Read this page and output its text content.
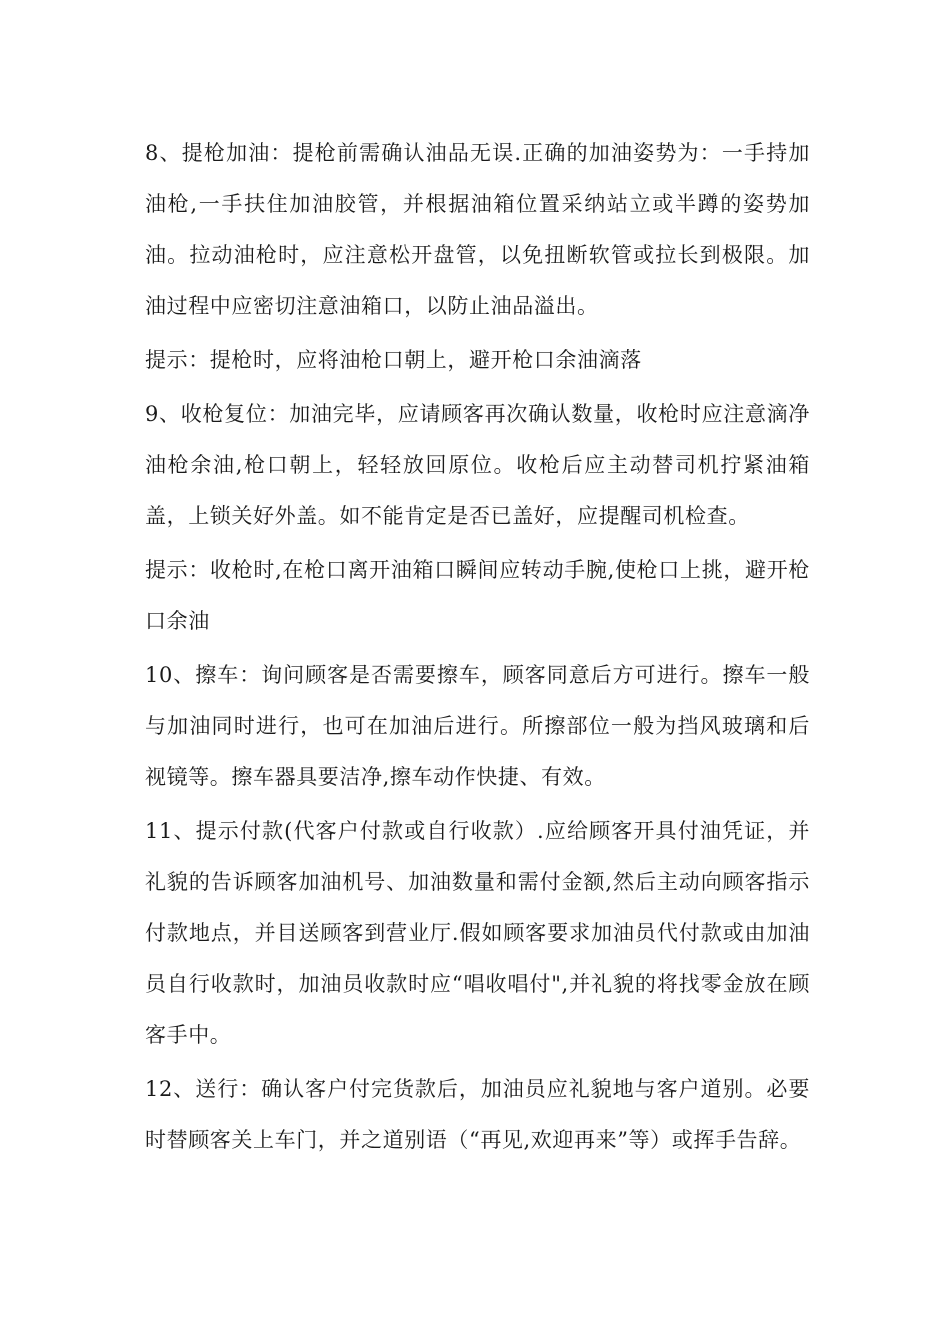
8、提枪加油：提枪前需确认油品无误.正确的加油姿势为：一手持加油枪,一手扶住加油胶管，并根据油箱位置采纳站立或半蹲的姿势加油。拉动油枪时，应注意松开盘管，以免扭断软管或拉长到极限。加油过程中应密切注意油箱口，以防止油品溢出。

提示：提枪时，应将油枪口朝上，避开枪口余油滴落

9、收枪复位：加油完毕，应请顾客再次确认数量，收枪时应注意滴净油枪余油,枪口朝上，轻轻放回原位。收枪后应主动替司机拧紧油箱盖，上锁关好外盖。如不能肯定是否已盖好，应提醒司机检查。

提示：收枪时,在枪口离开油箱口瞬间应转动手腕,使枪口上挑，避开枪口余油

10、擦车：询问顾客是否需要擦车，顾客同意后方可进行。擦车一般与加油同时进行，也可在加油后进行。所擦部位一般为挡风玻璃和后视镜等。擦车器具要洁净,擦车动作快捷、有效。

11、提示付款(代客户付款或自行收款）.应给顾客开具付油凭证，并礼貌的告诉顾客加油机号、加油数量和需付金额,然后主动向顾客指示付款地点，并目送顾客到营业厅.假如顾客要求加油员代付款或由加油员自行收款时，加油员收款时应“唱收唱付",并礼貌的将找零金放在顾客手中。

12、送行：确认客户付完货款后，加油员应礼貌地与客户道别。必要时替顾客关上车门，并之道别语（“再见,欢迎再来”等）或挥手告辞。
